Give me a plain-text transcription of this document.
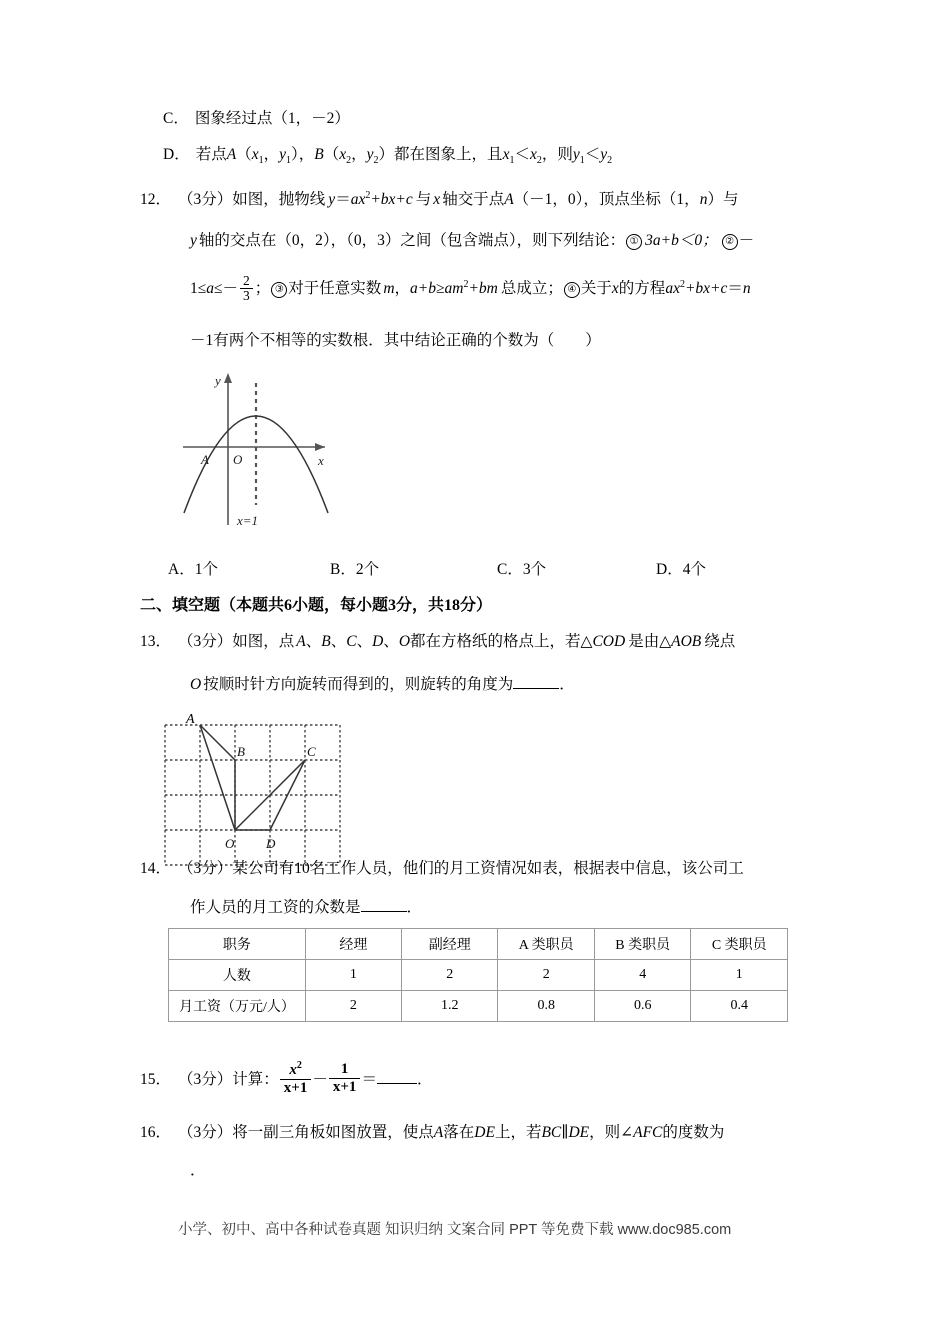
C． 图象经过点（1，－2）
D． 若点$A(x_1$，$y_1$），$B(x_2$，$y_2$）都在图象上，且$x_1<x_2$，则$y_1<y_2$
12． （3分）如图，抛物线 $y=ax^2+bx+c$ 与 x 轴交于点A（－1，0），顶点坐标（1，n）与
y 轴的交点在（0，2），（0，3）之间（包含端点），则下列结论： ① 3a+b＜0； ② －
$1\le a\le- \frac{2}{3}$ ； ③ 对于任意实数 m，$a+b\ge am^2+bm$ 总成立； ④ 关于x的方程$ax^2+bx+c=n$
－1有两个不相等的实数根．其中结论正确的个数为（　　）
y
x
O
A
x=1
A．1个	B．2个	C．3个	D．4个
二、填空题（本题共6小题，每小题3分，共18分）
13． （3分）如图，点 A、B、C、D、O都在方格纸的格点上，若△COD 是由△AOB 绕点
O 按顺时针方向旋转而得到的，则旋转的角度为	．
B	C
D
O
A
14． （3分）某公司有10名工作人员，他们的月工资情况如表，根据表中信息，该公司工
作人员的月工资的众数是	．
职务	经理	副经理	A 类职员	B 类职员	C 类职员
人数	1	2	2	4	1
月工资（万元/人）	2	1.2	0.8	0.6	0.4
15． （3分）计算： $\frac{x^2}{x+1} - \frac{1}{x+1}$ ＝	．
16． （3分）将一副三角板如图放置，使点A落在DE上，若BC∥DE，则∠AFC的度数为
．
小学、初中、高中各种试卷真题 知识归纳 文案合同 PPT 等免费下载 www.doc985.com
